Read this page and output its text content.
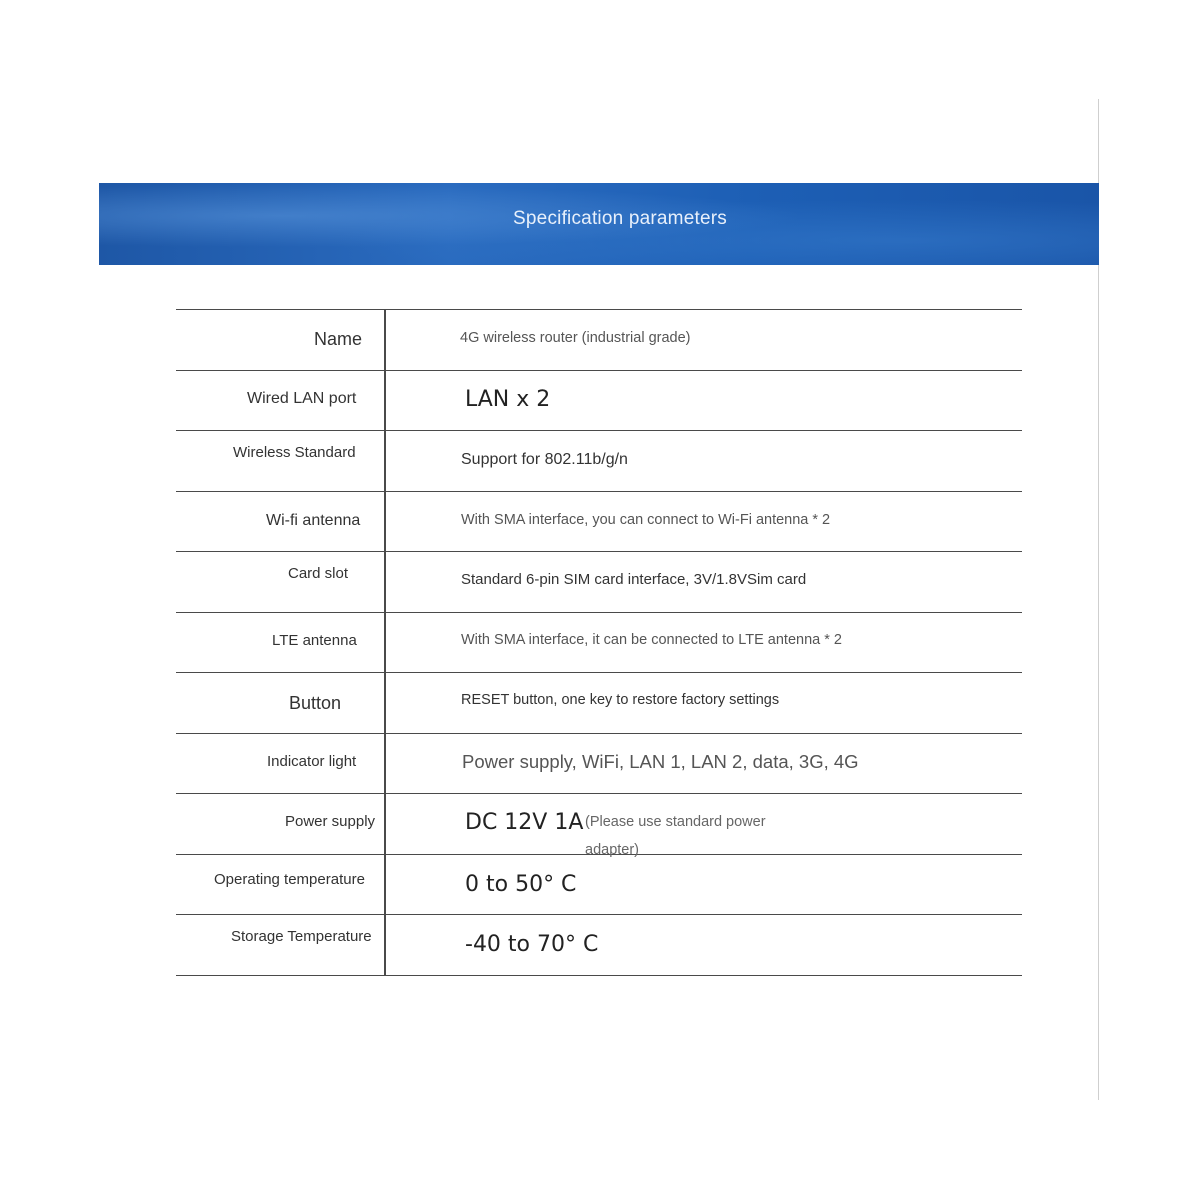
Specification parameters
Name	4G wireless router (industrial grade)
Wired LAN port	LAN x 2
Wireless Standard	Support for 802.11b/g/n
Wi-fi antenna	With SMA interface, you can connect to Wi-Fi antenna * 2
Card slot	Standard 6-pin SIM card interface, 3V/1.8VSim card
LTE antenna	With SMA interface, it can be connected to LTE antenna * 2
Button	RESET button, one key to restore factory settings
Indicator light	Power supply, WiFi, LAN 1, LAN 2, data, 3G, 4G
Power supply	DC 12V 1A (Please use standard power adapter)
Operating temperature	0 to 50° C
Storage Temperature	-40 to 70° C
